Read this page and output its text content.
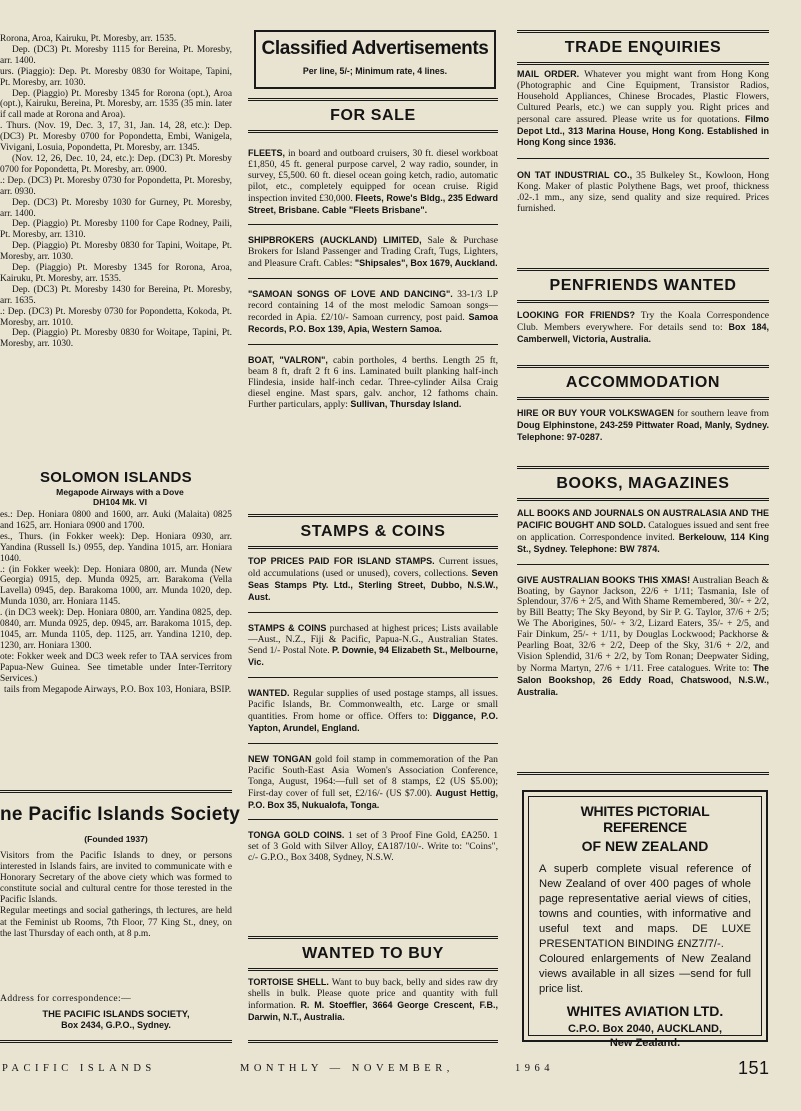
Rorona, Aroa, Kairuku, Pt. Moresby, arr. 1535.

Dep. (DC3) Pt. Moresby 1115 for Bereina, Pt. Moresby, arr. 1400.

urs. (Piaggio): Dep. Pt. Moresby 0830 for Woitape, Tapini, Pt. Moresby, arr. 1030.

Dep. (Piaggio) Pt. Moresby 1345 for Rorona (opt.), Aroa (opt.), Kairuku, Bereina, Pt. Moresby, arr. 1535 (35 min. later if call made at Rorona and Aroa).

. Thurs. (Nov. 19, Dec. 3, 17, 31, Jan. 14, 28, etc.): Dep. (DC3) Pt. Moresby 0700 for Popondetta, Embi, Wanigela, Vivigani, Losuia, Popondetta, Pt. Moresby, arr. 1345.

(Nov. 12, 26, Dec. 10, 24, etc.): Dep. (DC3) Pt. Moresby 0700 for Popondetta, Pt. Moresby, arr. 0900.

.: Dep. (DC3) Pt. Moresby 0730 for Popondetta, Pt. Moresby, arr. 0930.

Dep. (DC3) Pt. Moresby 1030 for Gurney, Pt. Moresby, arr. 1400.

Dep. (Piaggio) Pt. Moresby 1100 for Cape Rodney, Paili, Pt. Moresby, arr. 1310.

Dep. (Piaggio) Pt. Moresby 0830 for Tapini, Woitape, Pt. Moresby, arr. 1030.

Dep. (Piaggio) Pt. Moresby 1345 for Rorona, Aroa, Kairuku, Pt. Moresby, arr. 1535.

Dep. (DC3) Pt. Moresby 1430 for Bereina, Pt. Moresby, arr. 1635.

.: Dep. (DC3) Pt. Moresby 0730 for Popondetta, Kokoda, Pt. Moresby, arr. 1010.

Dep. (Piaggio) Pt. Moresby 0830 for Woitape, Tapini, Pt. Moresby, arr. 1030.

SOLOMON ISLANDS
Megapode Airways with a Dove DH104 Mk. VI

es.: Dep. Honiara 0800 and 1600, arr. Auki (Malaita) 0825 and 1625, arr. Honiara 0900 and 1700.

es., Thurs. (in Fokker week): Dep. Honiara 0930, arr. Yandina (Russell Is.) 0955, dep. Yandina 1015, arr. Honiara 1040.

.: (in Fokker week): Dep. Honiara 0800, arr. Munda (New Georgia) 0915, dep. Munda 0925, arr. Barakoma (Vella Lavella) 0945, dep. Barakoma 1000, arr. Munda 1020, dep. Munda 1030, arr. Honiara 1145.

. (in DC3 week): Dep. Honiara 0800, arr. Yandina 0825, dep. 0840, arr. Munda 0925, dep. 0945, arr. Barakoma 1015, dep. 1045, arr. Munda 1105, dep. 1125, arr. Yandina 1210, dep. 1230, arr. Honiara 1300.

ote: Fokker week and DC3 week refer to TAA services from Papua-New Guinea. See timetable under Inter-Territory Services.)

tails from Megapode Airways, P.O. Box 103, Honiara, BSIP.

ne Pacific Islands Society
(Founded 1937)

Visitors from the Pacific Islands to dney, or persons interested in Islands fairs, are invited to communicate with e Honorary Secretary of the above ciety which was formed to constitute social and cultural centre for those terested in the Pacific Islands.

Regular meetings and social gatherings, th lectures, are held at the Feminist ub Rooms, 7th Floor, 77 King St., dney, on the last Thursday of each onth, at 8 p.m.

Address for correspondence:—
THE PACIFIC ISLANDS SOCIETY,
Box 2434, G.P.O., Sydney.
Classified Advertisements
Per line, 5/-; Minimum rate, 4 lines.
FOR SALE

FLEETS, in board and outboard cruisers, 30 ft. diesel workboat £1,850, 45 ft. general purpose carvel, 2 way radio, sounder, in survey, £5,500. 60 ft. diesel ocean going ketch, radio, automatic pilot, etc., completely equipped for ocean cruise. Rigid inspection invited £30,000. Fleets, Rowe's Bldg., 235 Edward Street, Brisbane. Cable "Fleets Brisbane".

SHIPBROKERS (AUCKLAND) LIMITED, Sale & Purchase Brokers for Island Passenger and Trading Craft, Tugs, Lighters, and Pleasure Craft. Cables: "Shipsales", Box 1679, Auckland.

"SAMOAN SONGS OF LOVE AND DANCING". 33-1/3 LP record containing 14 of the most melodic Samoan songs—recorded in Apia. £2/10/- Samoan currency, post paid. Samoa Records, P.O. Box 139, Apia, Western Samoa.

BOAT, "VALRON", cabin portholes, 4 berths. Length 25 ft, beam 8 ft, draft 2 ft 6 ins. Laminated built planking half-inch Flindesia, inside half-inch cedar. Three-cylinder Ailsa Craig diesel engine. Mast spars, galv. anchor, 12 fathoms chain. Further particulars, apply: Sullivan, Thursday Island.

STAMPS & COINS

TOP PRICES PAID FOR ISLAND STAMPS. Current issues, old accumulations (used or unused), covers, collections. Seven Seas Stamps Pty. Ltd., Sterling Street, Dubbo, N.S.W., Aust.

STAMPS & COINS purchased at highest prices; Lists available—Aust., N.Z., Fiji & Pacific, Papua-N.G., Australian States. Send 1/- Postal Note. P. Downie, 94 Elizabeth St., Melbourne, Vic.

WANTED. Regular supplies of used postage stamps, all issues. Pacific Islands, Br. Commonwealth, etc. Large or small quantities. From home or office. Offers to: Diggance, P.O. Yapton, Arundel, England.

NEW TONGAN gold foil stamp in commemoration of the Pan Pacific South-East Asia Women's Association Conference, Tonga, August, 1964:—full set of 8 stamps, £2 (US $5.00); First-day cover of full set, £2/16/- (US $7.00). August Hettig, P.O. Box 35, Nukualofa, Tonga.

TONGA GOLD COINS. 1 set of 3 Proof Fine Gold, £A250. 1 set of 3 Gold with Silver Alloy, £A187/10/-. Write to: "Coins", c/- G.P.O., Box 3408, Sydney, N.S.W.

WANTED TO BUY

TORTOISE SHELL. Want to buy back, belly and sides raw dry shells in bulk. Please quote price and quantity with full information. R. M. Stoeffler, 3664 George Crescent, F.B., Darwin, N.T., Australia.

TRADE ENQUIRIES

MAIL ORDER. Whatever you might want from Hong Kong (Photographic and Cine Equipment, Transistor Radios, Household Appliances, Chinese Brocades, Plastic Flowers, Cultured Pearls, etc.) we can supply you. Right prices and personal care assured. Please write us for quotations. Filmo Depot Ltd., 313 Marina House, Hong Kong. Established in Hong Kong since 1936.

ON TAT INDUSTRIAL CO., 35 Bulkeley St., Kowloon, Hong Kong. Maker of plastic Polythene Bags, wet proof, thickness .02-.1 mm., any size, send quality and size required. Prices furnished.

PENFRIENDS WANTED

LOOKING FOR FRIENDS? Try the Koala Correspondence Club. Members everywhere. For details send to: Box 184, Camberwell, Victoria, Australia.

ACCOMMODATION

HIRE OR BUY YOUR VOLKSWAGEN for southern leave from Doug Elphinstone, 243-259 Pittwater Road, Manly, Sydney. Telephone: 97-0287.

BOOKS, MAGAZINES

ALL BOOKS AND JOURNALS ON AUSTRALASIA AND THE PACIFIC BOUGHT AND SOLD. Catalogues issued and sent free on application. Correspondence invited. Berkelouw, 114 King St., Sydney. Telephone: BW 7874.

GIVE AUSTRALIAN BOOKS THIS XMAS! Australian Beach & Boating, by Gaynor Jackson, 22/6 + 1/11; Tasmania, Isle of Splendour, 37/6 + 2/5, and With Shame Remembered, 30/- + 2/2, by Bill Beatty; The Sky Beyond, by Sir P. G. Taylor, 37/6 + 2/5; We The Aborigines, 50/- + 3/2, Lizard Eaters, 35/- + 2/5, and Fair Dinkum, 25/- + 1/11, by Douglas Lockwood; Packhorse & Pearling Boat, 32/6 + 2/2, Deep of the Sky, 31/6 + 2/2, and Vision Splendid, 31/6 + 2/2, by Tom Ronan; Deepwater Siding, by Norma Martyn, 27/6 + 1/11. Free catalogues. Write to: The Salon Bookshop, 26 Eddy Road, Chatswood, N.S.W., Australia.

WHITES PICTORIAL REFERENCE
OF NEW ZEALAND

A superb complete visual reference of New Zealand of over 400 pages of whole page representative aerial views of cities, towns and counties, with informative and useful text and maps. DE LUXE PRESENTATION BINDING £NZ7/7/-.

Coloured enlargements of New Zealand views available in all sizes —send for full price list.

WHITES AVIATION LTD.
C.P.O. Box 2040, AUCKLAND,
New Zealand.
PACIFIC ISLANDS	MONTHLY — NOVEMBER,	1964	151
